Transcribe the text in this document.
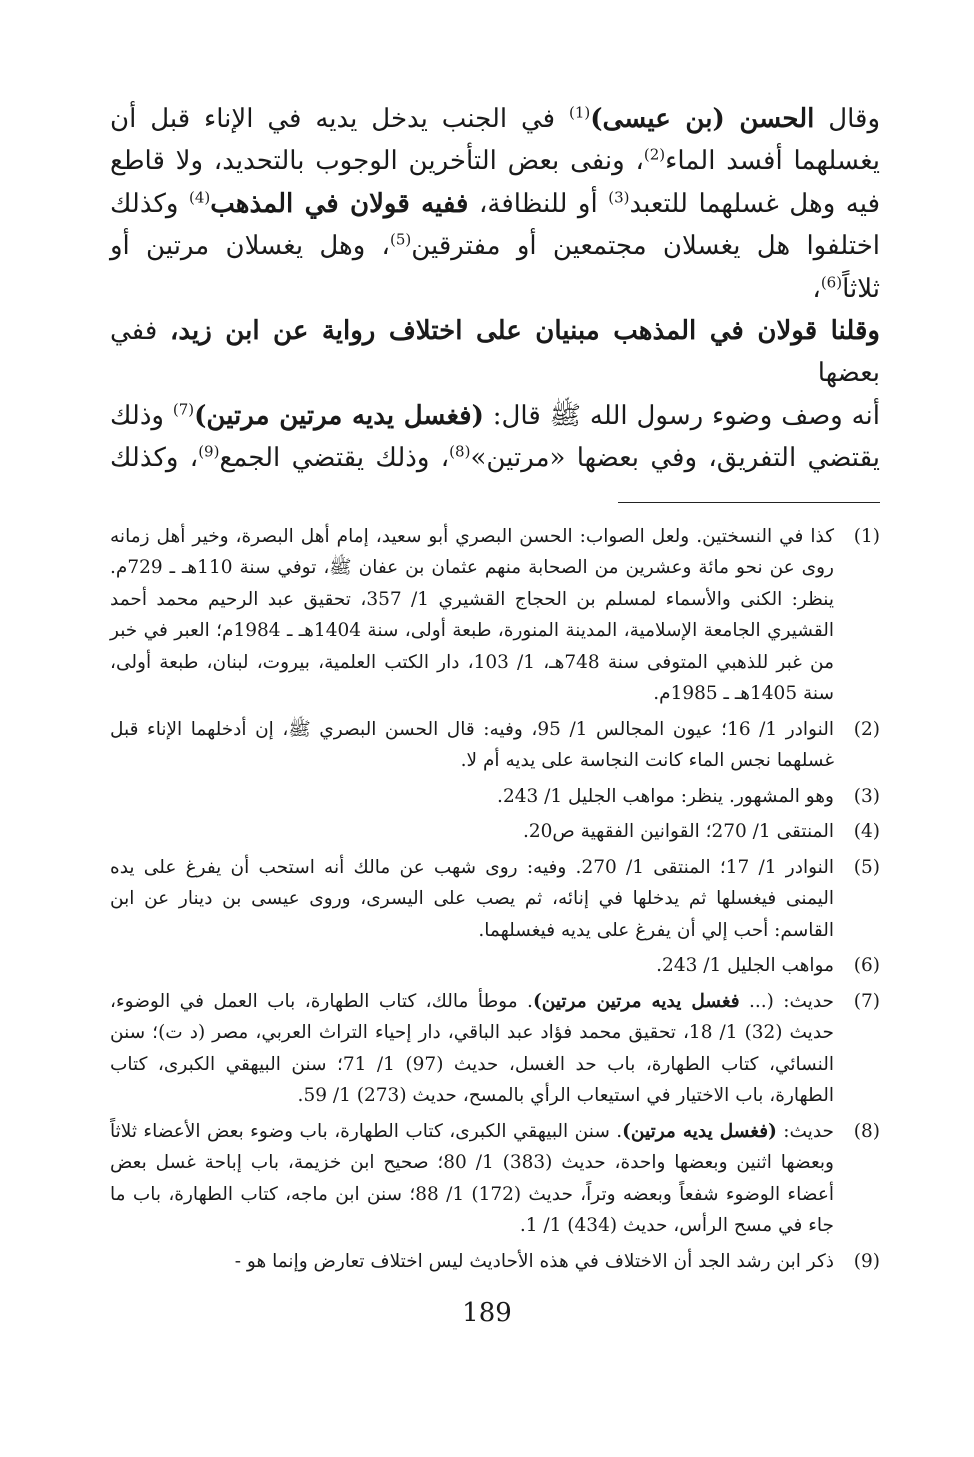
وقال الحسن (بن عيسى)$^{(1)}$ في الجنب يدخل يديه في الإناء قبل أن

يغسلهما أفسد الماء$^{(2)}$، ونفى بعض التأخرين الوجوب بالتحديد، ولا قاطع

فيه وهل غسلهما للتعبد$^{(3)}$ أو للنظافة، ففيه قولان في المذهب$^{(4)}$ وكذلك

اختلفوا هل يغسلان مجتمعين أو مفترقين$^{(5)}$، وهل يغسلان مرتين أو ثلاثاً$^{(6)}$،

وقلنا قولان في المذهب مبنيان على اختلاف رواية عن ابن زيد، ففي بعضها

أنه وصف وضوء رسول الله ﷺ قال: (فغسل يديه مرتين مرتين)$^{(7)}$ وذلك

يقتضي التفريق، وفي بعضها «مرتين»$^{(8)}$، وذلك يقتضي الجمع$^{(9)}$، وكذلك

(1)
كذا في النسختين. ولعل الصواب: الحسن البصري أبو سعيد، إمام أهل البصرة، وخير أهل زمانه روى عن نحو مائة وعشرين من الصحابة منهم عثمان بن عفان ﷺ، توفي سنة 110هـ ـ 729م. ينظر: الكنى والأسماء لمسلم بن الحجاج القشيري 1/ 357، تحقيق عبد الرحيم محمد أحمد القشيري الجامعة الإسلامية، المدينة المنورة، طبعة أولى، سنة 1404هـ ـ 1984م؛ العبر في خبر من غبر للذهبي المتوفى سنة 748هـ، 1/ 103، دار الكتب العلمية، بيروت، لبنان، طبعة أولى، سنة 1405هـ ـ 1985م.
(2)
النوادر 1/ 16؛ عيون المجالس 1/ 95، وفيه: قال الحسن البصري ﷺ، إن أدخلهما الإناء قبل غسلهما نجس الماء كانت النجاسة على يديه أم لا.
(3)
وهو المشهور. ينظر: مواهب الجليل 1/ 243.
(4)
المنتقى 1/ 270؛ القوانين الفقهية ص20.
(5)
النوادر 1/ 17؛ المنتقى 1/ 270. وفيه: روى شهب عن مالك أنه استحب أن يفرغ على يده اليمنى فيغسلها ثم يدخلها في إنائه، ثم يصب على اليسرى، وروى عيسى بن دينار عن ابن القاسم: أحب إلي أن يفرغ على يديه فيغسلهما.
(6)
مواهب الجليل 1/ 243.
(7)
حديث: (... فغسل يديه مرتين مرتين). موطأ مالك، كتاب الطهارة، باب العمل في الوضوء، حديث (32) 1/ 18، تحقيق محمد فؤاد عبد الباقي، دار إحياء التراث العربي، مصر (د ت)؛ سنن النسائي، كتاب الطهارة، باب حد الغسل، حديث (97) 1/ 71؛ سنن البيهقي الكبرى، كتاب الطهارة، باب الاختيار في استيعاب الرأي بالمسح، حديث (273) 1/ 59.
(8)
حديث: (فغسل يديه مرتين). سنن البيهقي الكبرى، كتاب الطهارة، باب وضوء بعض الأعضاء ثلاثاً وبعضها اثنين وبعضها واحدة، حديث (383) 1/ 80؛ صحيح ابن خزيمة، باب إباحة غسل بعض أعضاء الوضوء شفعاً وبعضه وتراً، حديث (172) 1/ 88؛ سنن ابن ماجه، كتاب الطهارة، باب ما جاء في مسح الرأس، حديث (434) 1/ 1.
(9)
ذكر ابن رشد الجد أن الاختلاف في هذه الأحاديث ليس اختلاف تعارض وإنما هو -
189
